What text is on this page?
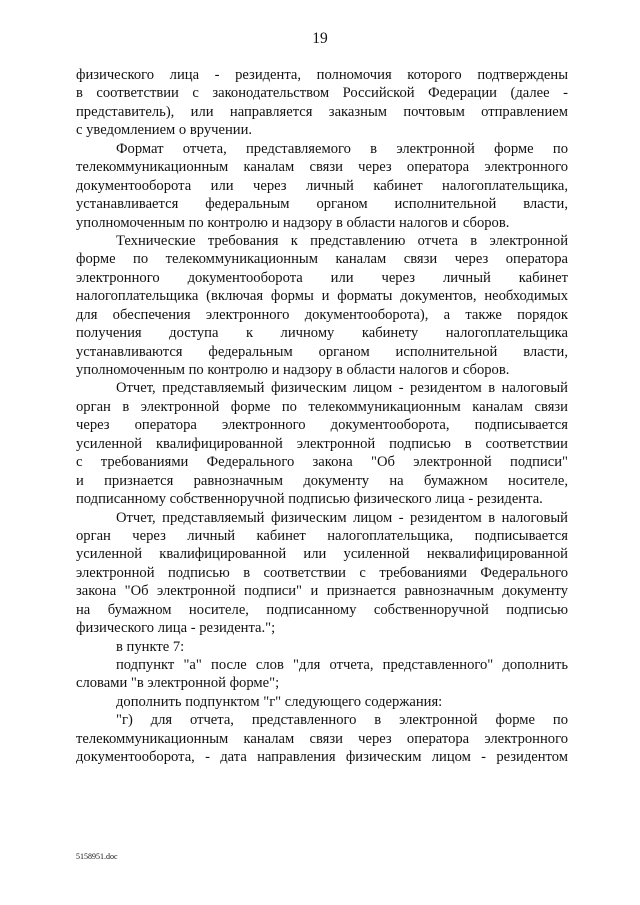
19
физического лица - резидента, полномочия которого подтверждены
в соответствии с законодательством Российской Федерации (далее -
представитель), или направляется заказным почтовым отправлением
с уведомлением о вручении.
Формат отчета, представляемого в электронной форме по
телекоммуникационным каналам связи через оператора электронного
документооборота или через личный кабинет налогоплательщика,
устанавливается федеральным органом исполнительной власти,
уполномоченным по контролю и надзору в области налогов и сборов.
Технические требования к представлению отчета в электронной
форме по телекоммуникационным каналам связи через оператора
электронного документооборота или через личный кабинет
налогоплательщика (включая формы и форматы документов, необходимых
для обеспечения электронного документооборота), а также порядок
получения доступа к личному кабинету налогоплательщика
устанавливаются федеральным органом исполнительной власти,
уполномоченным по контролю и надзору в области налогов и сборов.
Отчет, представляемый физическим лицом - резидентом в налоговый
орган в электронной форме по телекоммуникационным каналам связи
через оператора электронного документооборота, подписывается
усиленной квалифицированной электронной подписью в соответствии
с требованиями Федерального закона "Об электронной подписи"
и признается равнозначным документу на бумажном носителе,
подписанному собственноручной подписью физического лица - резидента.
Отчет, представляемый физическим лицом - резидентом в налоговый
орган через личный кабинет налогоплательщика, подписывается
усиленной квалифицированной или усиленной неквалифицированной
электронной подписью в соответствии с требованиями Федерального
закона "Об электронной подписи" и признается равнозначным документу
на бумажном носителе, подписанному собственноручной подписью
физического лица - резидента.";
в пункте 7:
подпункт "а" после слов "для отчета, представленного" дополнить
словами "в электронной форме";
дополнить подпунктом "г" следующего содержания:
"г) для отчета, представленного в электронной форме по
телекоммуникационным каналам связи через оператора электронного
документооборота, - дата направления физическим лицом - резидентом
5158951.doc
